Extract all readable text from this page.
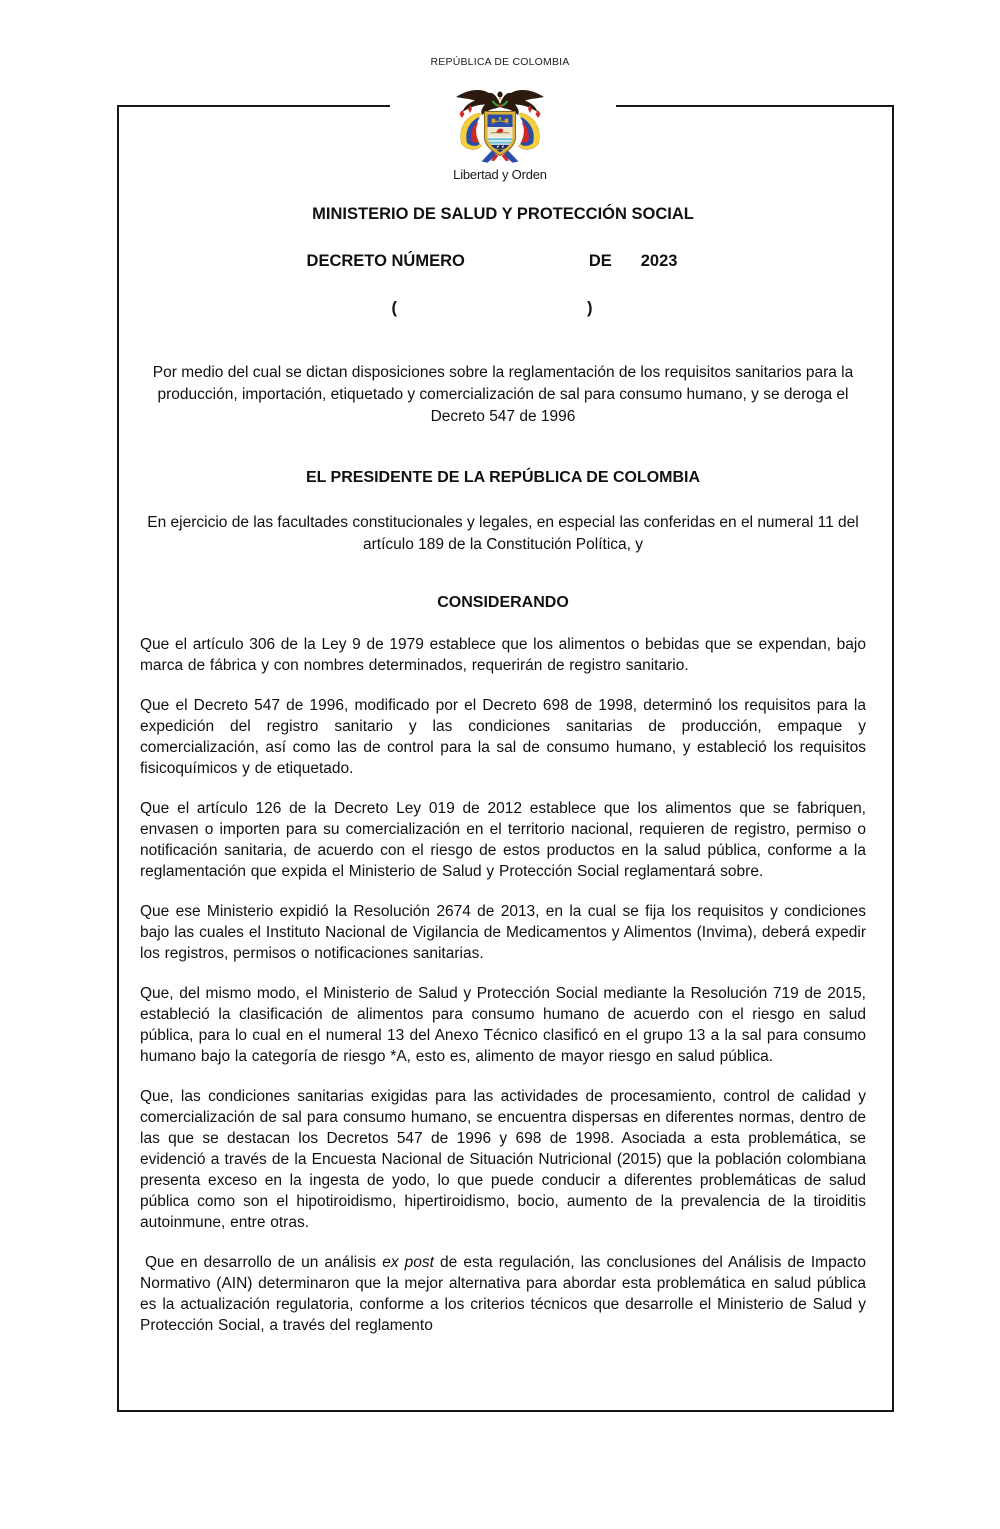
REPÚBLICA DE COLOMBIA
MINISTERIO DE SALUD Y PROTECCIÓN SOCIAL
DECRETO NÚMERO	DE 2023
(	)

Por medio del cual se dictan disposiciones sobre la reglamentación de los requisitos sanitarios para la producción, importación, etiquetado y comercialización de sal para consumo humano, y se deroga el Decreto 547 de 1996

EL PRESIDENTE DE LA REPÚBLICA DE COLOMBIA

En ejercicio de las facultades constitucionales y legales, en especial las conferidas en el numeral 11 del artículo 189 de la Constitución Política, y

CONSIDERANDO

Que el artículo 306 de la Ley 9 de 1979 establece que los alimentos o bebidas que se expendan, bajo marca de fábrica y con nombres determinados, requerirán de registro sanitario.

Que el Decreto 547 de 1996, modificado por el Decreto 698 de 1998, determinó los requisitos para la expedición del registro sanitario y las condiciones sanitarias de producción, empaque y comercialización, así como las de control para la sal de consumo humano, y estableció los requisitos fisicoquímicos y de etiquetado.

Que el artículo 126 de la Decreto Ley 019 de 2012 establece que los alimentos que se fabriquen, envasen o importen para su comercialización en el territorio nacional, requieren de registro, permiso o notificación sanitaria, de acuerdo con el riesgo de estos productos en la salud pública, conforme a la reglamentación que expida el Ministerio de Salud y Protección Social reglamentará sobre.

Que ese Ministerio expidió la Resolución 2674 de 2013, en la cual se fija los requisitos y condiciones bajo las cuales el Instituto Nacional de Vigilancia de Medicamentos y Alimentos (Invima), deberá expedir los registros, permisos o notificaciones sanitarias.

Que, del mismo modo, el Ministerio de Salud y Protección Social mediante la Resolución 719 de 2015, estableció la clasificación de alimentos para consumo humano de acuerdo con el riesgo en salud pública, para lo cual en el numeral 13 del Anexo Técnico clasificó en el grupo 13 a la sal para consumo humano bajo la categoría de riesgo *A, esto es, alimento de mayor riesgo en salud pública.

Que, las condiciones sanitarias exigidas para las actividades de procesamiento, control de calidad y comercialización de sal para consumo humano, se encuentra dispersas en diferentes normas, dentro de las que se destacan los Decretos 547 de 1996 y 698 de 1998. Asociada a esta problemática, se evidenció a través de la Encuesta Nacional de Situación Nutricional (2015) que la población colombiana presenta exceso en la ingesta de yodo, lo que puede conducir a diferentes problemáticas de salud pública como son el hipotiroidismo, hipertiroidismo, bocio, aumento de la prevalencia de la tiroiditis autoinmune, entre otras.

Que en desarrollo de un análisis ex post de esta regulación, las conclusiones del Análisis de Impacto Normativo (AIN) determinaron que la mejor alternativa para abordar esta problemática en salud pública es la actualización regulatoria, conforme a los criterios técnicos que desarrolle el Ministerio de Salud y Protección Social, a través del reglamento

Libertad y Orden
